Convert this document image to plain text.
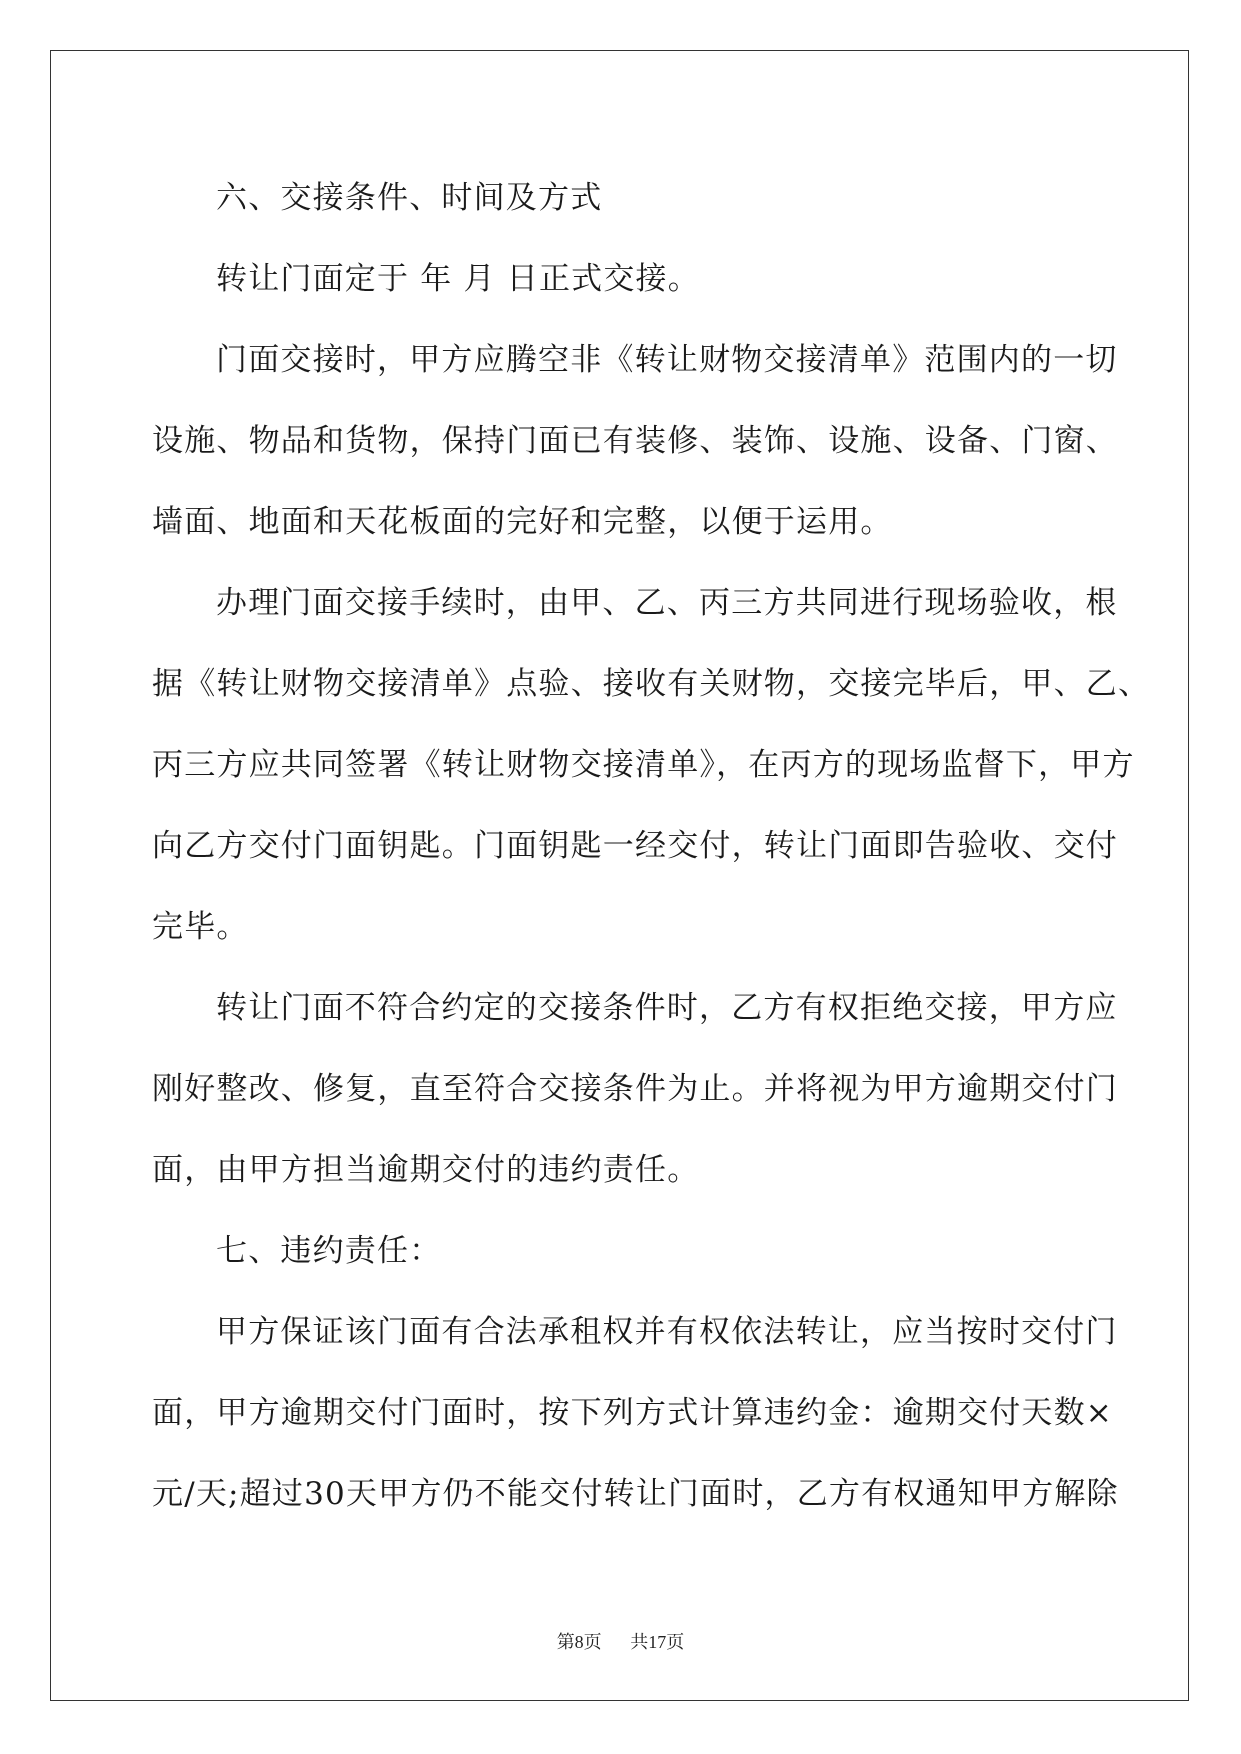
六、交接条件、时间及方式
转让门面定于 年 月 日正式交接。
门面交接时，甲方应腾空非《转让财物交接清单》范围内的一切
设施、物品和货物，保持门面已有装修、装饰、设施、设备、门窗、
墙面、地面和天花板面的完好和完整，以便于运用。
办理门面交接手续时，由甲、乙、丙三方共同进行现场验收，根
据《转让财物交接清单》点验、接收有关财物，交接完毕后，甲、乙、
丙三方应共同签署《转让财物交接清单》，在丙方的现场监督下，甲方
向乙方交付门面钥匙。门面钥匙一经交付，转让门面即告验收、交付
完毕。
转让门面不符合约定的交接条件时，乙方有权拒绝交接，甲方应
刚好整改、修复，直至符合交接条件为止。并将视为甲方逾期交付门
面，由甲方担当逾期交付的违约责任。
七、违约责任：
甲方保证该门面有合法承租权并有权依法转让，应当按时交付门
面，甲方逾期交付门面时，按下列方式计算违约金：逾期交付天数×
元/天;超过30天甲方仍不能交付转让门面时，乙方有权通知甲方解除
第8页 共17页
